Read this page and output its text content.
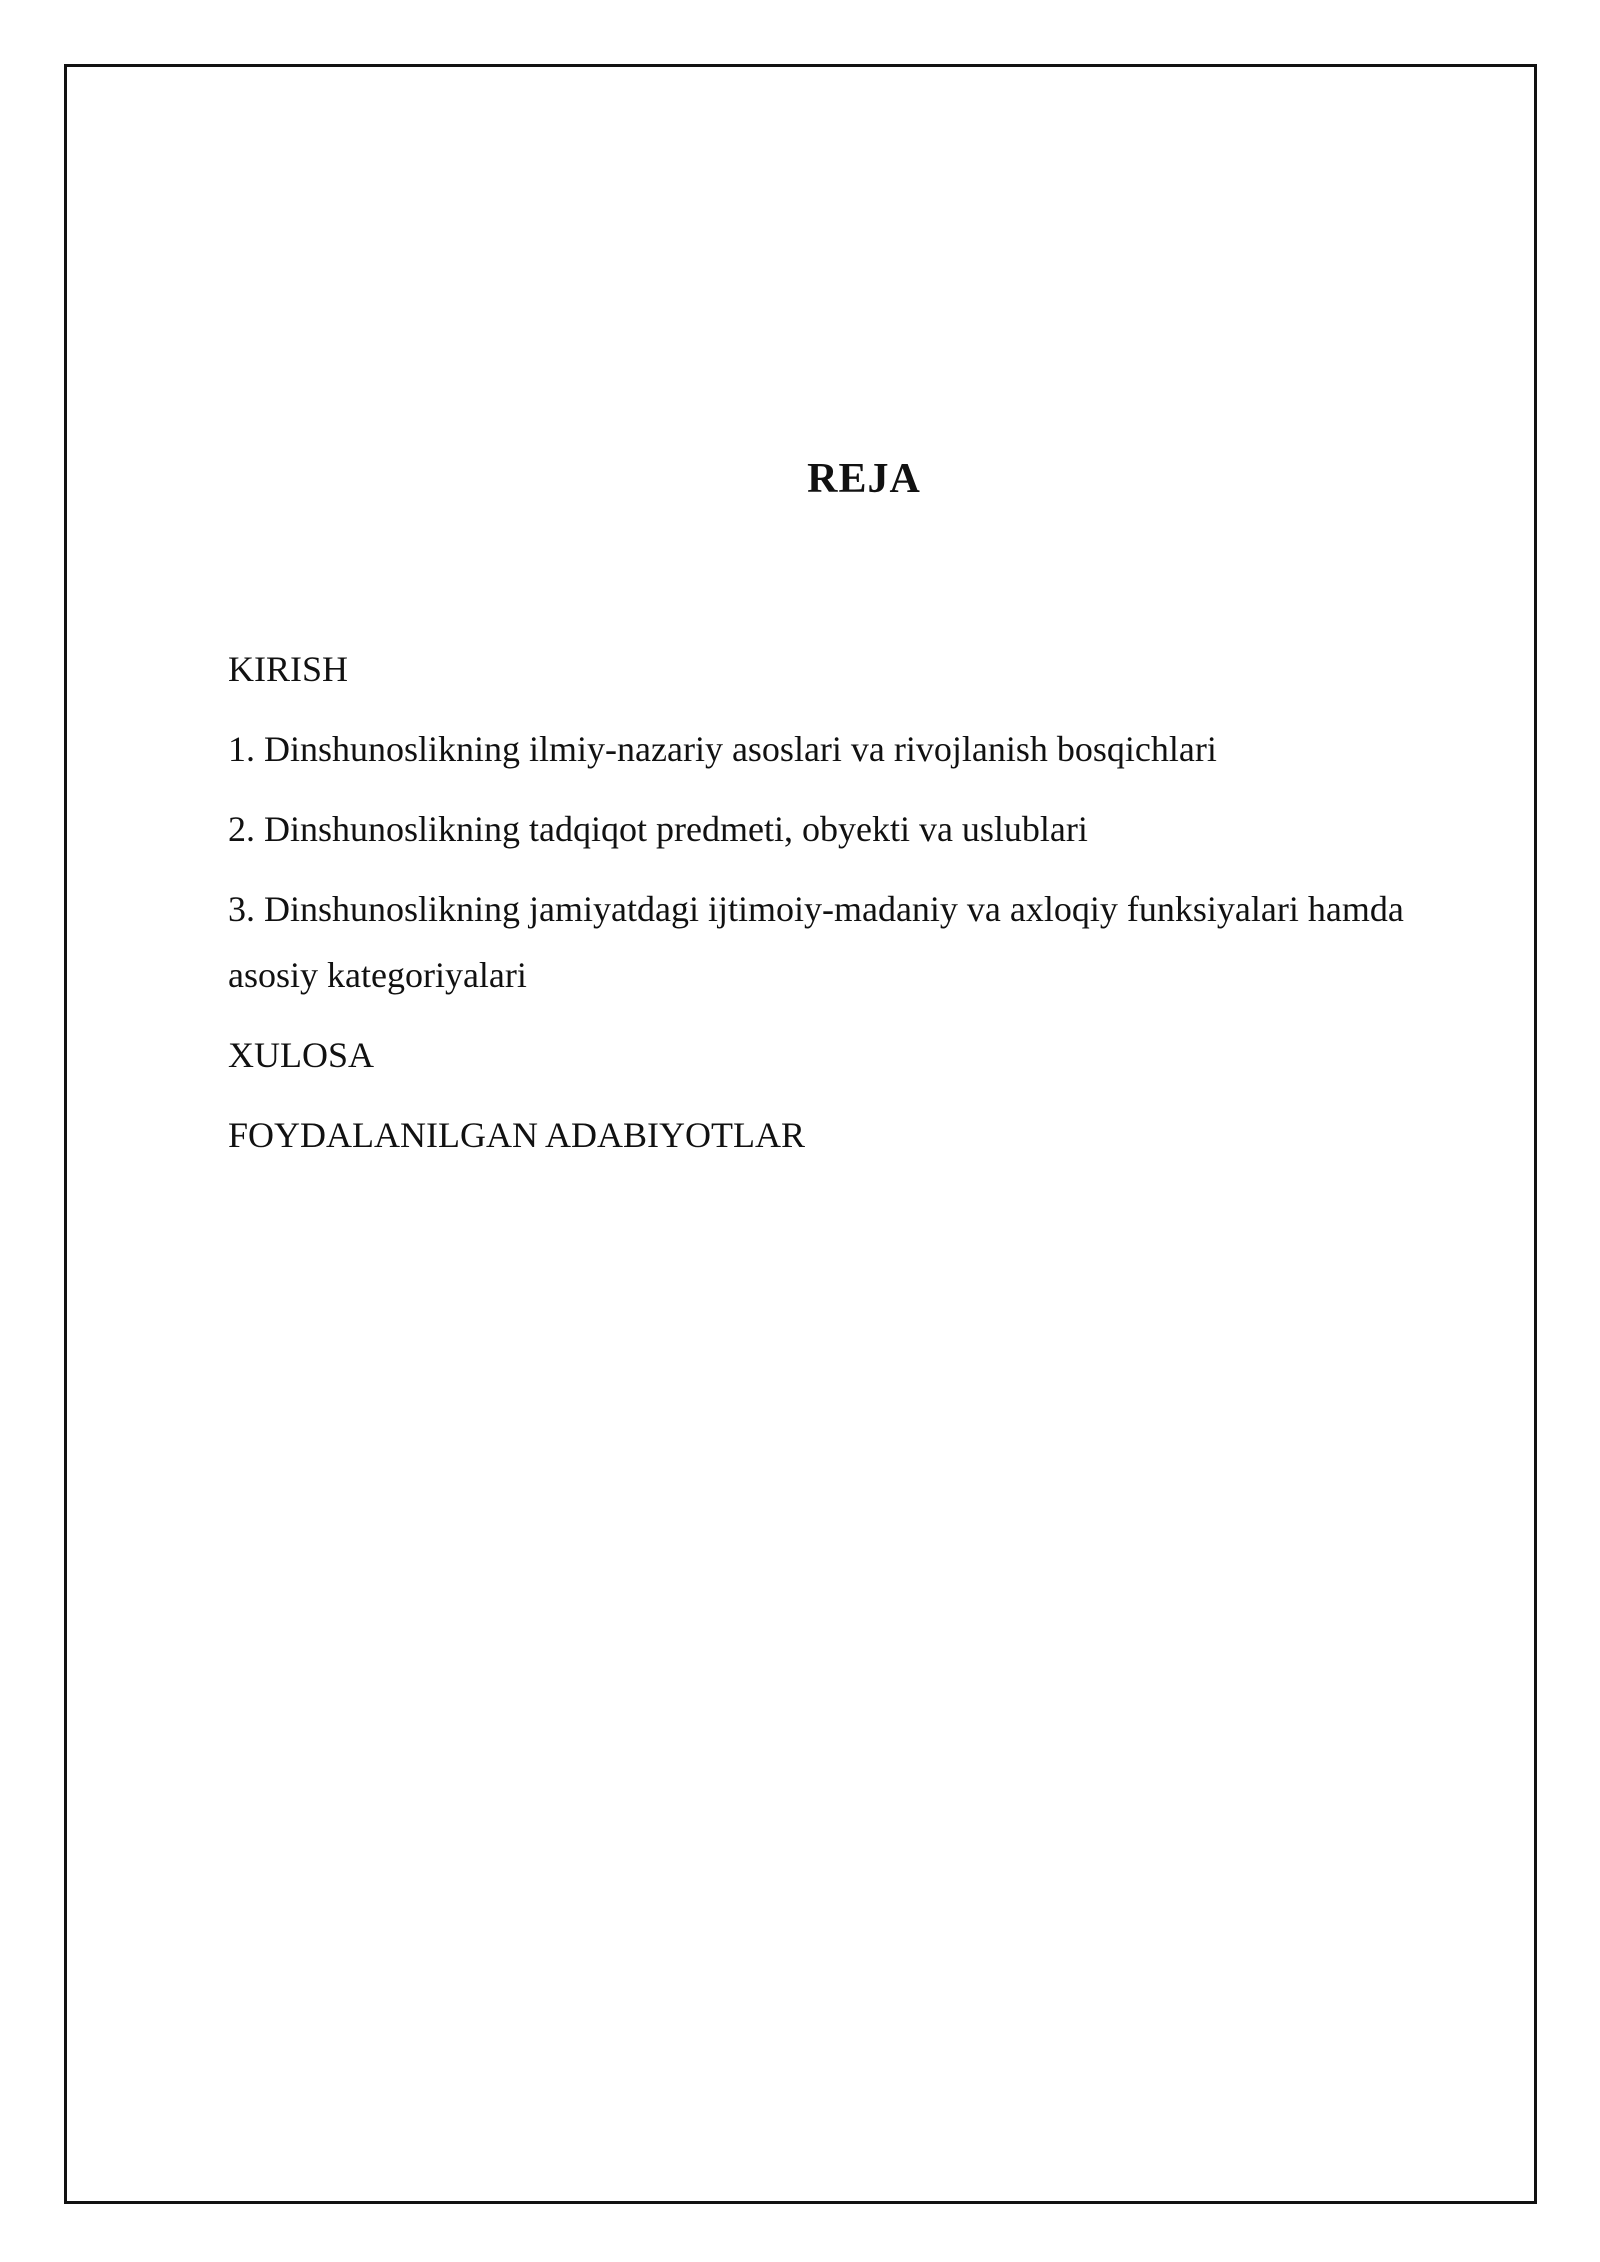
REJA
KIRISH
1. Dinshunoslikning ilmiy-nazariy asoslari va rivojlanish bosqichlari
2. Dinshunoslikning tadqiqot predmeti, obyekti va uslublari
3. Dinshunoslikning jamiyatdagi ijtimoiy-madaniy va axloqiy funksiyalari hamda asosiy kategoriyalari
XULOSA
FOYDALANILGAN ADABIYOTLAR
